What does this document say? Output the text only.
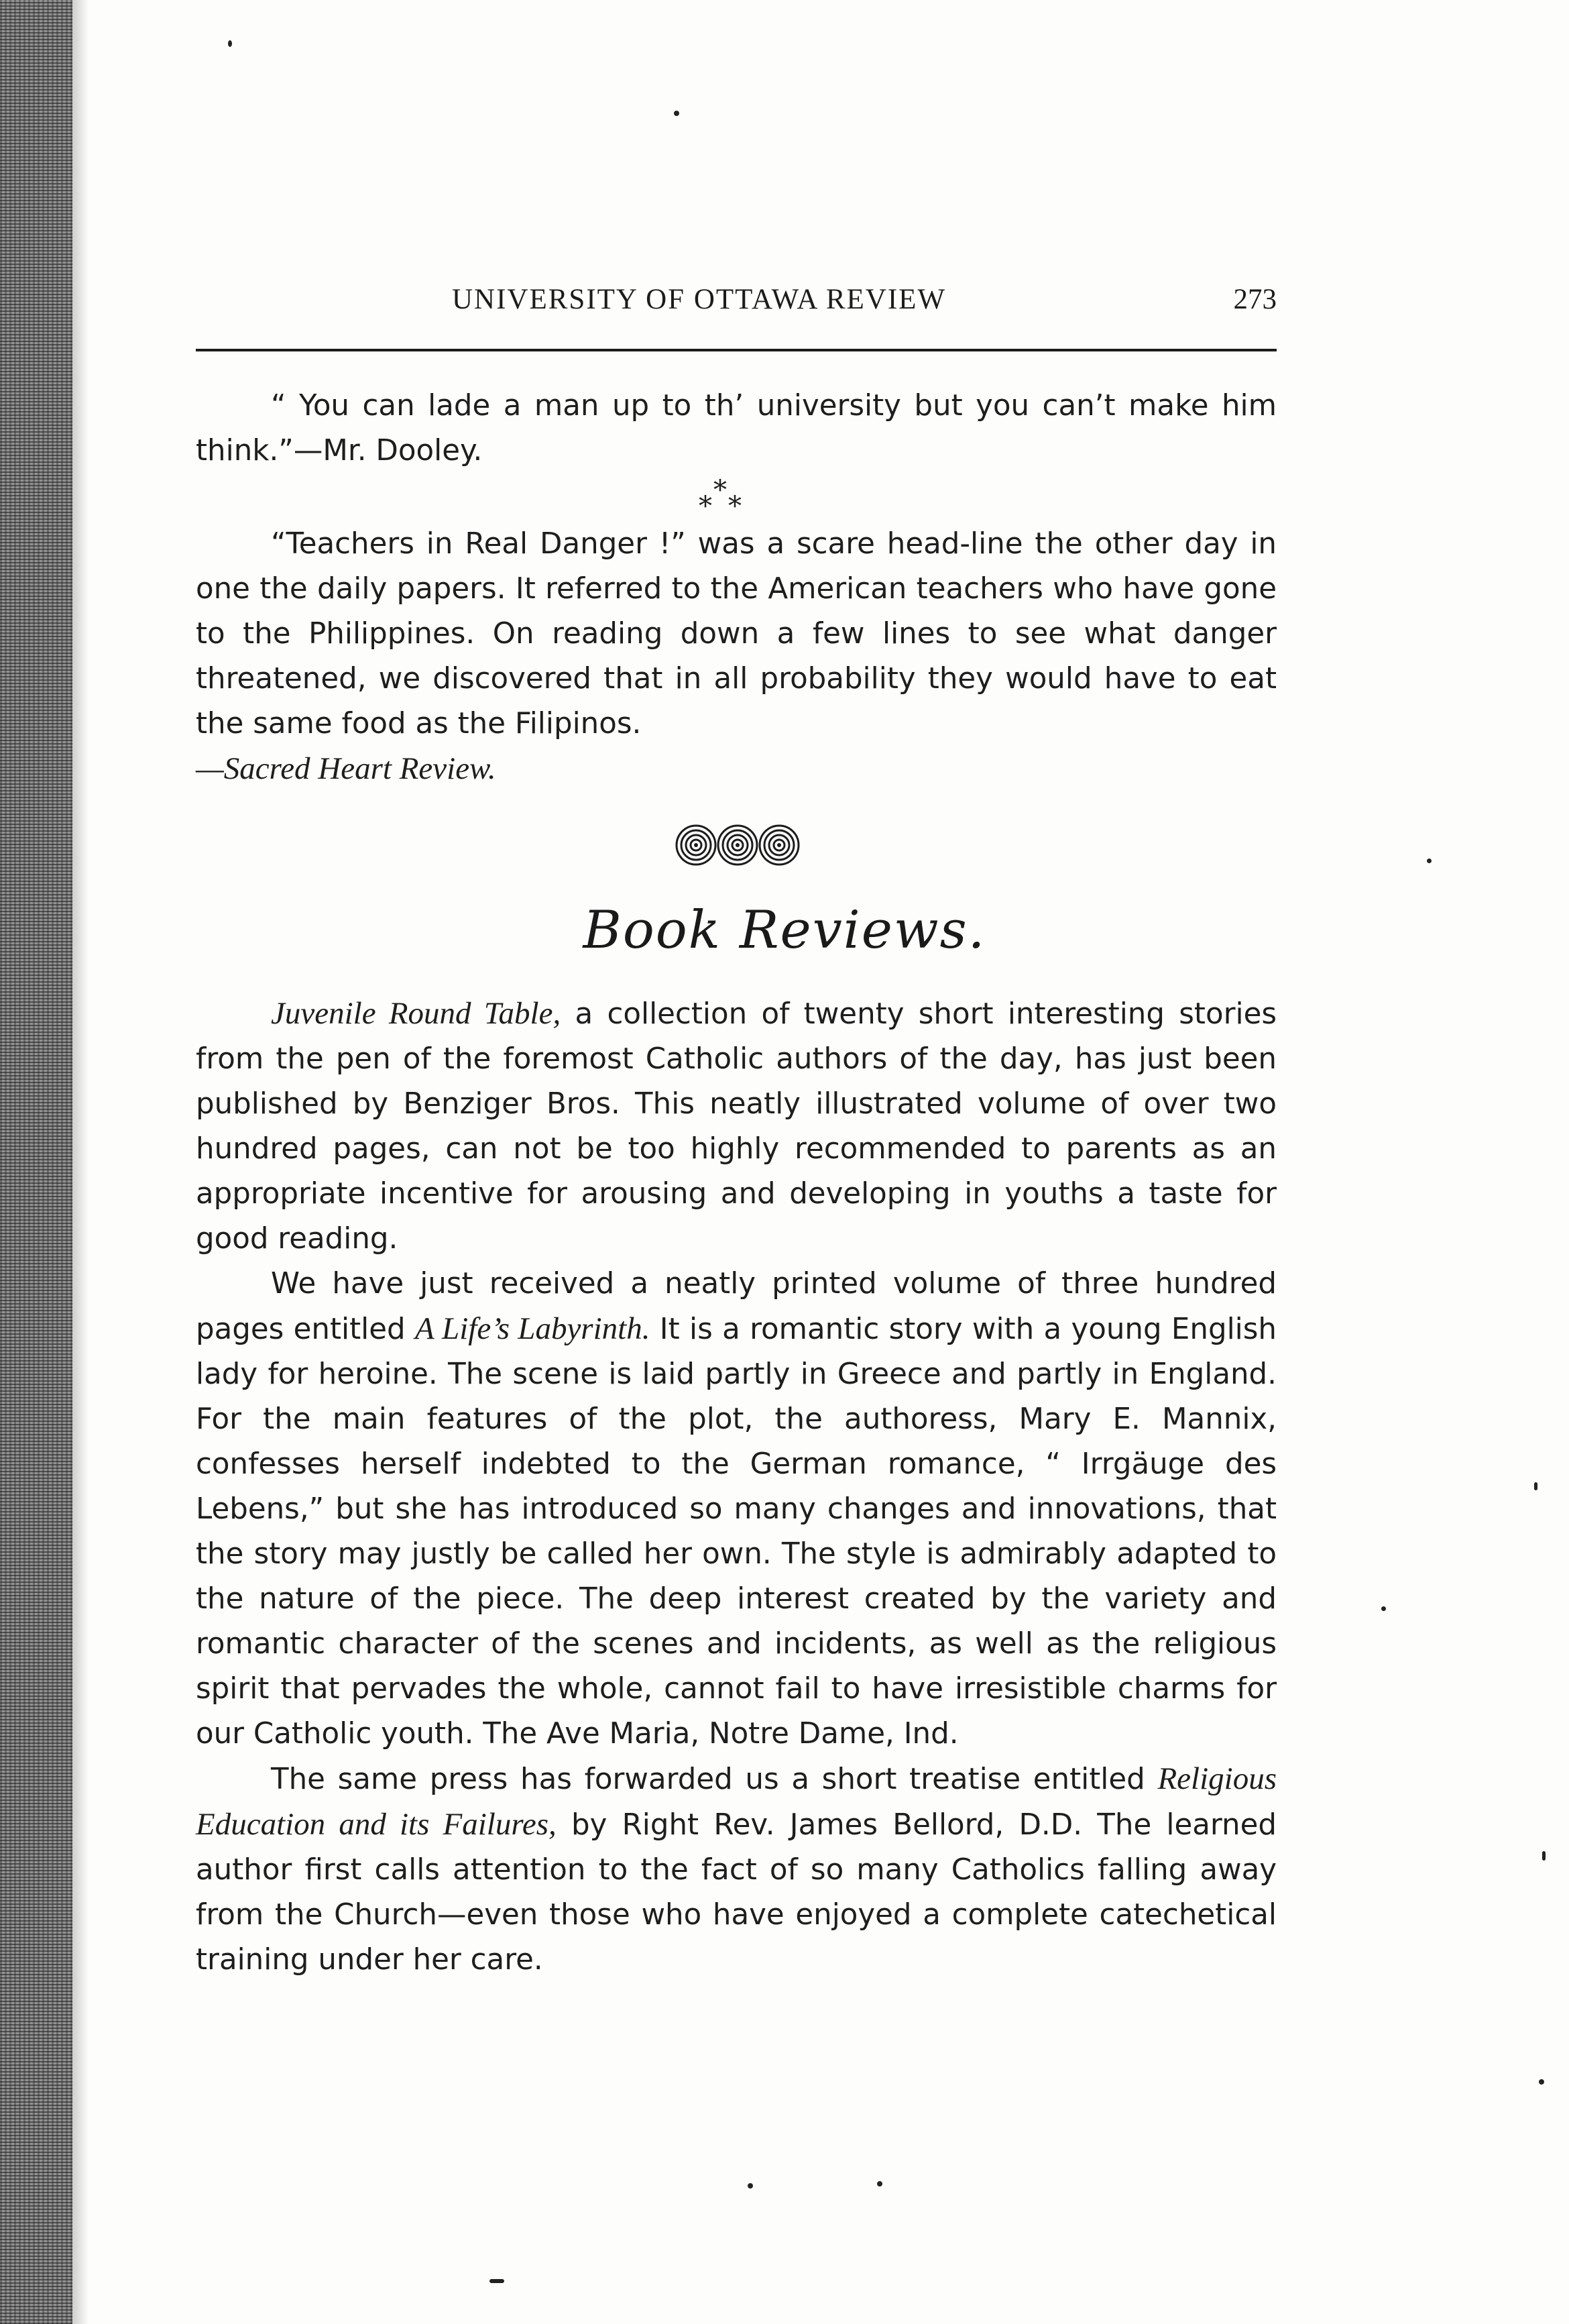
UNIVERSITY OF OTTAWA REVIEW	273

“ You can lade a man up to th’ university but you can’t make him think.”—Mr. Dooley.

*
* *

“Teachers in Real Danger !” was a scare head-line the other day in one the daily papers. It referred to the American teachers who have gone to the Philippines. On reading down a few lines to see what danger threatened, we discovered that in all probability they would have to eat the same food as the Filipinos.

—Sacred Heart Review.

Book Reviews.

Juvenile Round Table, a collection of twenty short interesting stories from the pen of the foremost Catholic authors of the day, has just been published by Benziger Bros. This neatly illustrated volume of over two hundred pages, can not be too highly recommended to parents as an appropriate incentive for arousing and developing in youths a taste for good reading.

We have just received a neatly printed volume of three hundred pages entitled A Life’s Labyrinth. It is a romantic story with a young English lady for heroine. The scene is laid partly in Greece and partly in England. For the main features of the plot, the authoress, Mary E. Mannix, confesses herself indebted to the German romance, “ Irrgäuge des Lebens,” but she has introduced so many changes and innovations, that the story may justly be called her own. The style is admirably adapted to the nature of the piece. The deep interest created by the variety and romantic character of the scenes and incidents, as well as the religious spirit that pervades the whole, cannot fail to have irresistible charms for our Catholic youth. The Ave Maria, Notre Dame, Ind.

The same press has forwarded us a short treatise entitled Religious Education and its Failures, by Right Rev. James Bellord, D.D. The learned author first calls attention to the fact of so many Catholics falling away from the Church—even those who have enjoyed a complete catechetical training under her care.
